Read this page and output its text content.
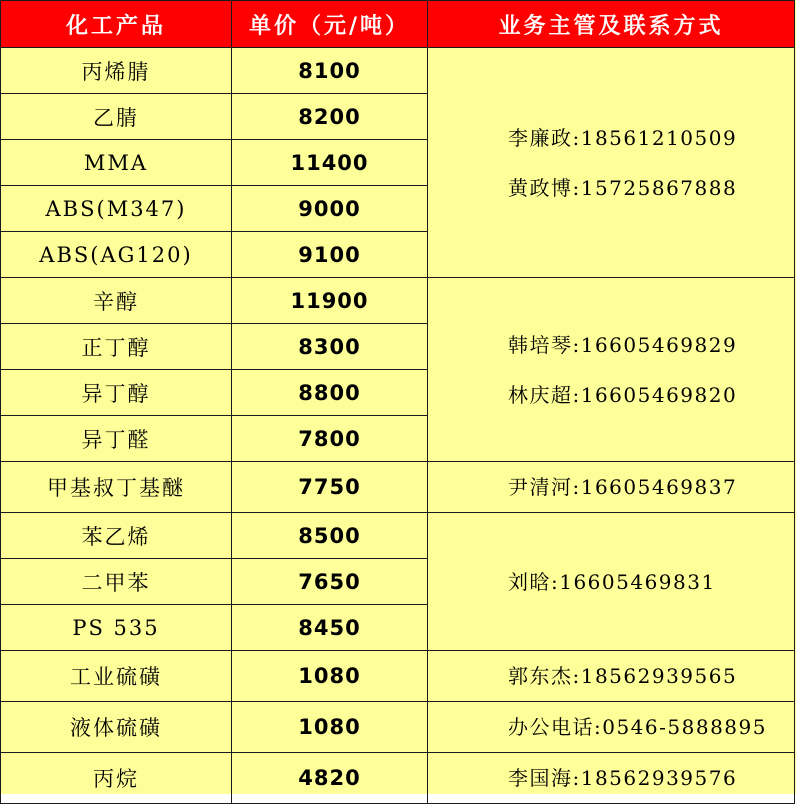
化工产品	单价（元/吨）	业务主管及联系方式
丙烯腈	8100	李廉政:18561210509
黄政博:15725867888

乙腈	8200	
MMA	11400	
ABS(M347)	9000	
ABS(AG120)	9100	
辛醇	11900	韩培琴:16605469829
林庆超:16605469820

正丁醇	8300	
异丁醇	8800	
异丁醛	7800	
甲基叔丁基醚	7750	尹清河:16605469837

苯乙烯	8500	刘晗:16605469831

二甲苯	7650	
PS 535	8450	
工业硫磺	1080	郭东杰:18562939565

液体硫磺	1080	办公电话:0546-5888895

丙烷	4820	李国海:18562939576
